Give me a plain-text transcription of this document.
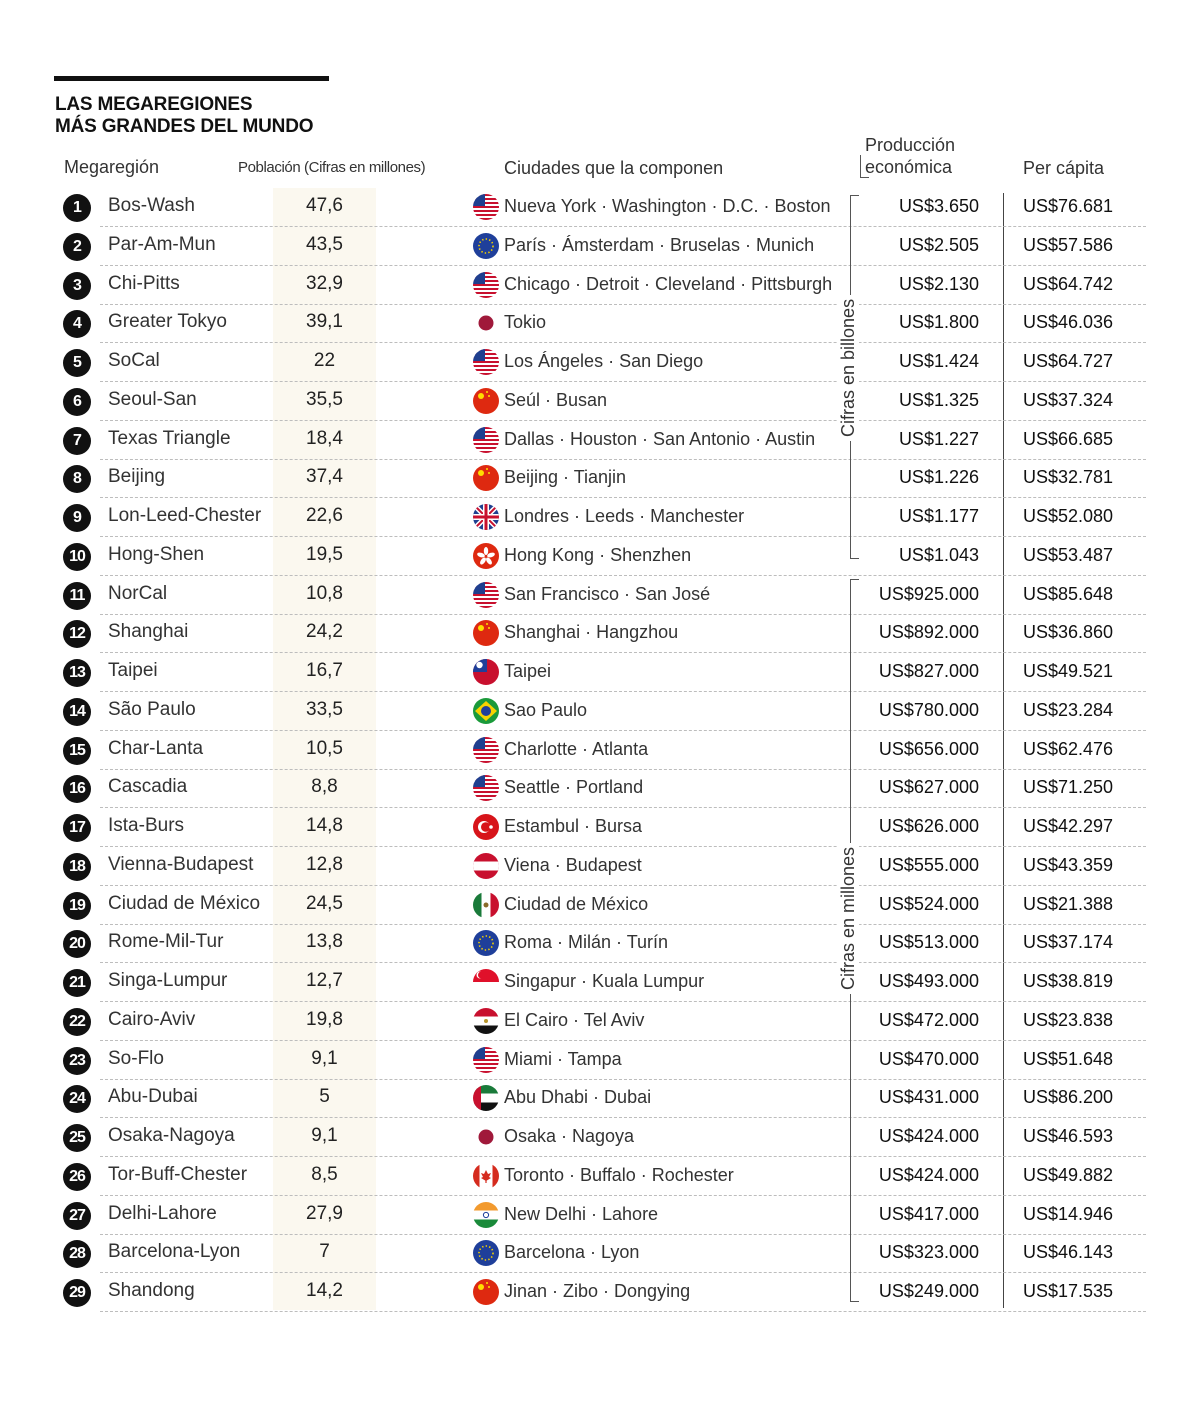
LAS MEGAREGIONES
MÁS GRANDES DEL MUNDO
Megaregión	Población (Cifras en millones)	Ciudades que la componen
Producción
económica	Per cápita
1	Bos-Wash	47,6	Nueva York · Washington · D.C. · Boston	US$3.650 US$76.681
2	Par-Am-Mun	43,5	París · Ámsterdam · Bruselas · Munich	US$2.505 US$57.586
3	Chi-Pitts	32,9	Chicago · Detroit · Cleveland · Pittsburgh	US$2.130 US$64.742
4	Greater Tokyo	39,1	Tokio	US$1.800 US$46.036
5	SoCal	22	Los Ángeles · San Diego	US$1.424 US$64.727
6	Seoul-San	35,5	Seúl · Busan	US$1.325 US$37.324
7	Texas Triangle	18,4	Dallas · Houston · San Antonio · Austin	US$1.227 US$66.685
8	Beijing	37,4	Beijing · Tianjin	US$1.226 US$32.781
9	Lon-Leed-Chester	22,6	Londres · Leeds · Manchester	US$1.177 US$52.080
10	Hong-Shen	19,5	Hong Kong · Shenzhen	US$1.043 US$53.487
11	NorCal	10,8	San Francisco · San José	US$925.000 US$85.648
12	Shanghai	24,2	Shanghai · Hangzhou	US$892.000 US$36.860
13	Taipei	16,7	Taipei	US$827.000 US$49.521
14	São Paulo	33,5	Sao Paulo	US$780.000 US$23.284
15	Char-Lanta	10,5	Charlotte · Atlanta	US$656.000 US$62.476
16	Cascadia	8,8	Seattle · Portland	US$627.000 US$71.250
17	Ista-Burs	14,8	Estambul · Bursa	US$626.000 US$42.297
18	Vienna-Budapest	12,8	Viena · Budapest	US$555.000 US$43.359
19	Ciudad de México	24,5	Ciudad de México	US$524.000 US$21.388
20	Rome-Mil-Tur	13,8	Roma · Milán · Turín	US$513.000 US$37.174
21	Singa-Lumpur	12,7	Singapur · Kuala Lumpur	US$493.000 US$38.819
22	Cairo-Aviv	19,8	El Cairo · Tel Aviv	US$472.000 US$23.838
23	So-Flo	9,1	Miami · Tampa	US$470.000 US$51.648
24	Abu-Dubai	5	Abu Dhabi · Dubai	US$431.000 US$86.200
25	Osaka-Nagoya	9,1	Osaka · Nagoya	US$424.000 US$46.593
26	Tor-Buff-Chester	8,5	Toronto · Buffalo · Rochester	US$424.000 US$49.882
27	Delhi-Lahore	27,9	New Delhi · Lahore	US$417.000 US$14.946
28	Barcelona-Lyon	7	Barcelona · Lyon	US$323.000 US$46.143
29	Shandong	14,2	Jinan · Zibo · Dongying	US$249.000 US$17.535
Cifras en billones
Cifras en millones
